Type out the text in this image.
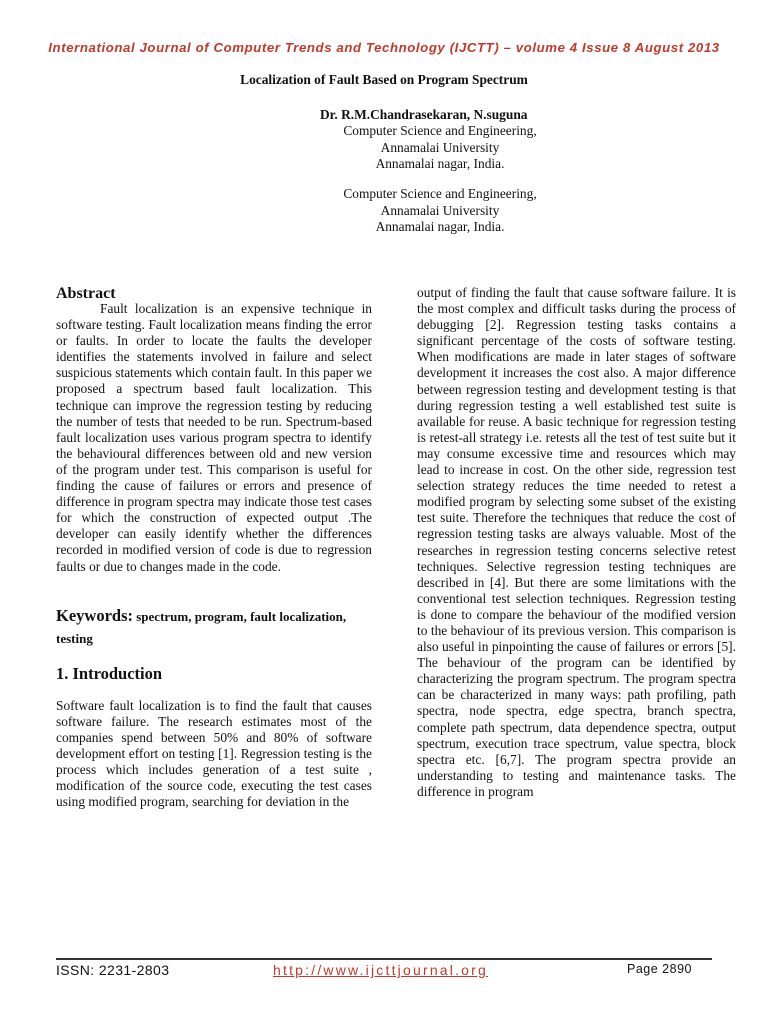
International Journal of Computer Trends and Technology (IJCTT) – volume 4 Issue 8 August 2013
Localization of Fault Based on Program Spectrum
Dr. R.M.Chandrasekaran, N.suguna
Computer Science and Engineering,
Annamalai University
Annamalai nagar, India.
Computer Science and Engineering,
Annamalai University
Annamalai nagar, India.
Abstract
Fault localization is an expensive technique in software testing. Fault localization means finding the error or faults. In order to locate the faults the developer identifies the statements involved in failure and select suspicious statements which contain fault. In this paper we proposed a spectrum based fault localization. This technique can improve the regression testing by reducing the number of tests that needed to be run. Spectrum-based fault localization uses various program spectra to identify the behavioural differences between old and new version of the program under test. This comparison is useful for finding the cause of failures or errors and presence of difference in program spectra may indicate those test cases for which the construction of expected output .The developer can easily identify whether the differences recorded in modified version of code is due to regression faults or due to changes made in the code.
Keywords: spectrum, program, fault localization, testing
1. Introduction
Software fault localization is to find the fault that causes software failure. The research estimates most of the companies spend between 50% and 80% of software development effort on testing [1]. Regression testing is the process which includes generation of a test suite , modification of the source code, executing the test cases using modified program, searching for deviation in the
output of finding the fault that cause software failure. It is the most complex and difficult tasks during the process of debugging [2]. Regression testing tasks contains a significant percentage of the costs of software testing. When modifications are made in later stages of software development it increases the cost also. A major difference between regression testing and development testing is that during regression testing a well established test suite is available for reuse. A basic technique for regression testing is retest-all strategy i.e. retests all the test of test suite but it may consume excessive time and resources which may lead to increase in cost. On the other side, regression test selection strategy reduces the time needed to retest a modified program by selecting some subset of the existing test suite. Therefore the techniques that reduce the cost of regression testing tasks are always valuable. Most of the researches in regression testing concerns selective retest techniques. Selective regression testing techniques are described in [4]. But there are some limitations with the conventional test selection techniques. Regression testing is done to compare the behaviour of the modified version to the behaviour of its previous version. This comparison is also useful in pinpointing the cause of failures or errors [5]. The behaviour of the program can be identified by characterizing the program spectrum. The program spectra can be characterized in many ways: path profiling, path spectra, node spectra, edge spectra, branch spectra, complete path spectrum, data dependence spectra, output spectrum, execution trace spectrum, value spectra, block spectra etc. [6,7]. The program spectra provide an understanding to testing and maintenance tasks. The difference in program
ISSN: 2231-2803	http://www.ijcttjournal.org	Page 2890
